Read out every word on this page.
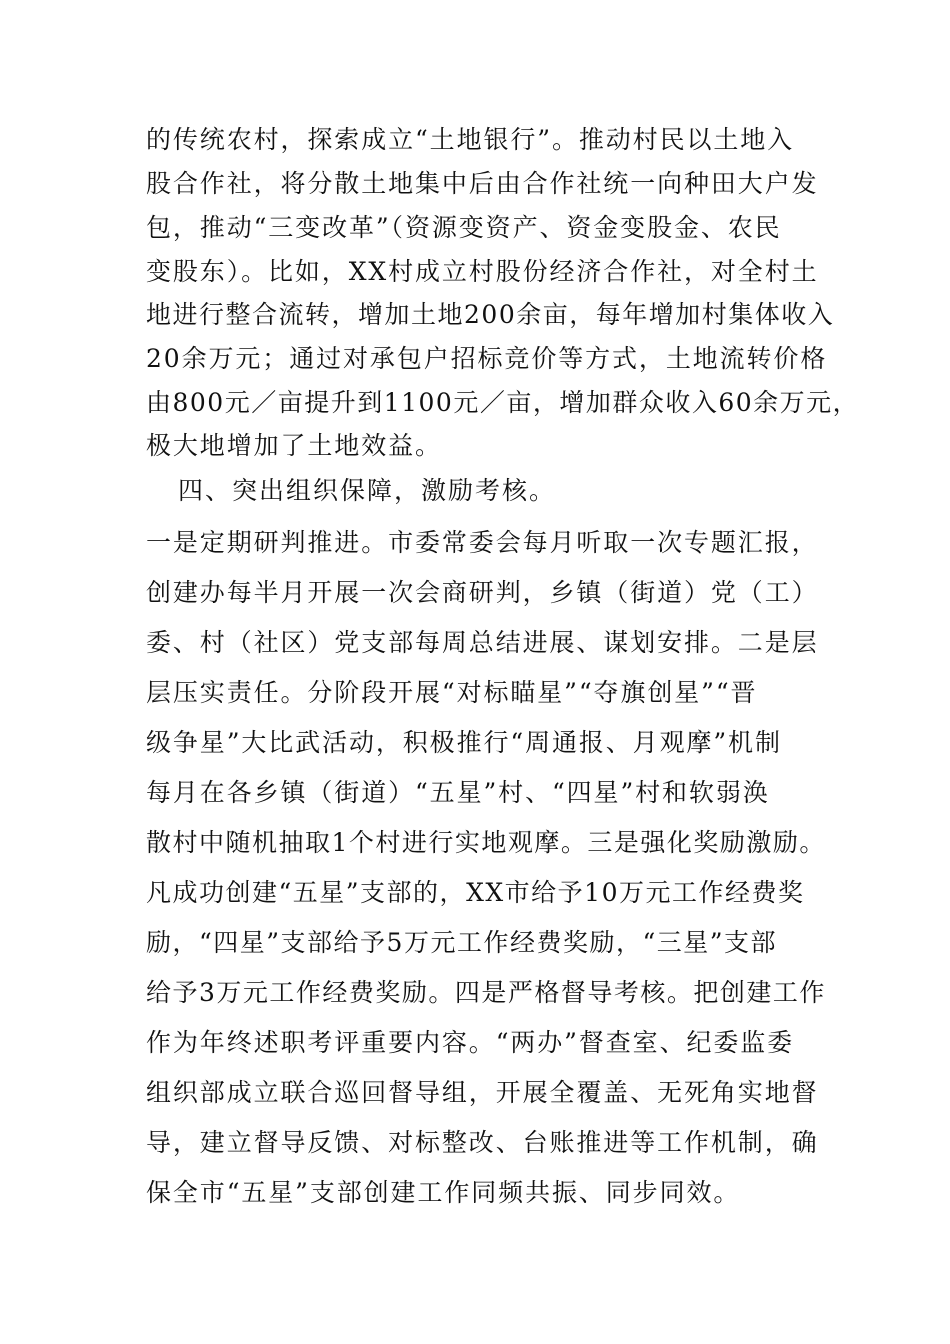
的传统农村，探索成立“土地银行”。推动村民以土地入
股合作社，将分散土地集中后由合作社统一向种田大户发
包，推动“三变改革”（资源变资产、资金变股金、农民
变股东）。比如，XX村成立村股份经济合作社，对全村土
地进行整合流转，增加土地200余亩，每年增加村集体收入
20余万元；通过对承包户招标竞价等方式，土地流转价格
由800元／亩提升到1100元／亩，增加群众收入60余万元，
极大地增加了土地效益。
四、突出组织保障，激励考核。
一是定期研判推进。市委常委会每月听取一次专题汇报，
创建办每半月开展一次会商研判，乡镇（街道）党（工）
委、村（社区）党支部每周总结进展、谋划安排。二是层
层压实责任。分阶段开展“对标瞄星”“夺旗创星”“晋
级争星”大比武活动，积极推行“周通报、月观摩”机制
每月在各乡镇（街道）“五星”村、“四星”村和软弱涣
散村中随机抽取1个村进行实地观摩。三是强化奖励激励。
凡成功创建“五星”支部的，XX市给予10万元工作经费奖
励，“四星”支部给予5万元工作经费奖励，“三星”支部
给予3万元工作经费奖励。四是严格督导考核。把创建工作
作为年终述职考评重要内容。“两办”督查室、纪委监委
组织部成立联合巡回督导组，开展全覆盖、无死角实地督
导，建立督导反馈、对标整改、台账推进等工作机制，确
保全市“五星”支部创建工作同频共振、同步同效。
